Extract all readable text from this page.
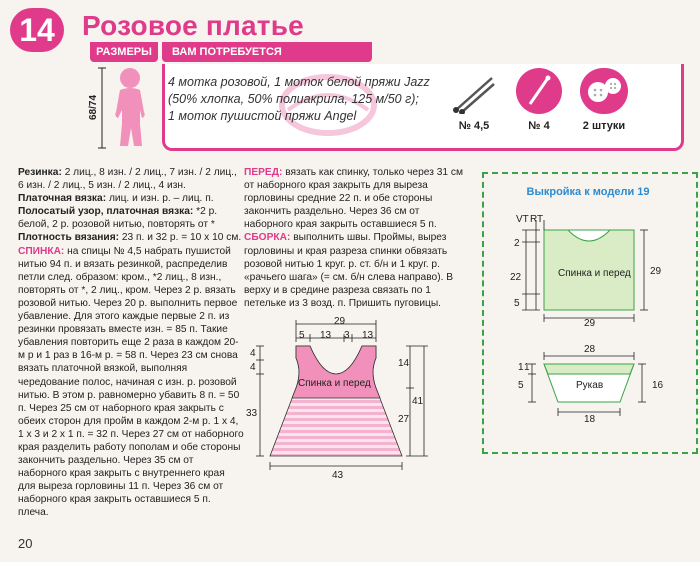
14 Розовое платье
РАЗМЕРЫ	ВАМ ПОТРЕБУЕТСЯ
68/74
4 мотка розовой, 1 моток белой пряжи Jazz
(50% хлопка, 50% полиакрила, 125 м/50 г);
1 моток пушистой пряжи Angel
№ 4,5	№ 4	2 штуки

Резинка: 2 лиц., 8 изн. / 2 лиц., 7 изн. / 2 лиц., 6 изн. / 2 лиц., 5 изн. / 2 лиц., 4 изн.

Платочная вязка: лиц. и изн. р. – лиц. п.

Полосатый узор, платочная вязка: *2 р. белой, 2 р. розовой нитью, повторять от *

Плотность вязания: 23 п. и 32 р. = 10 x 10 см.

СПИНКА: на спицы № 4,5 набрать пушистой нитью 94 п. и вязать резинкой, распределив петли след. образом: кром., *2 лиц., 8 изн., повторять от *, 2 лиц., кром. Через 2 р. вязать розовой нитью. Через 20 р. выполнить первое убавление. Для этого каждые первые 2 п. из резинки провязать вместе изн. = 85 п. Такие убавления повторить еще 2 раза в каждом 20-м р и 1 раз в 16-м р. = 58 п. Через 23 см снова вязать платочной вязкой, выполняя чередование полос, начиная с изн. р. розовой нитью. В этом р. равномерно убавить 8 п. = 50 п. Через 25 см от наборного края закрыть с обеих сторон для пройм в каждом 2-м р. 1 x 4, 1 x 3 и 2 x 1 п. = 32 п. Через 27 см от наборного края разделить работу пополам и обе стороны закончить раздельно. Через 35 см от наборного края закрыть с внутреннего края для выреза горловины 11 п. Через 36 см от наборного края закрыть оставшиеся 5 п. плеча.

ПЕРЕД: вязать как спинку, только через 31 см от наборного края закрыть для выреза горловины средние 22 п. и обе стороны закончить раздельно. Через 36 см от наборного края закрыть оставшиеся 5 п.

СБОРКА: выполнить швы. Проймы, вырез горловины и края разреза спинки обвязать розовой нитью 1 круг. р. ст. б/н и 1 круг. р. «рачьего шага» (= см. б/н слева направо). В верху и в средине разреза связать по 1 петельке из 3 возд. п. Пришить пуговицы.

29
5 13 3 13
4
4
33
14
41
27
43
Спинка и перед
Выкройка к модели 19
VT RT
2
22
5
29
29
Спинка и перед
28
1 1
5	16
18
Рукав
20
